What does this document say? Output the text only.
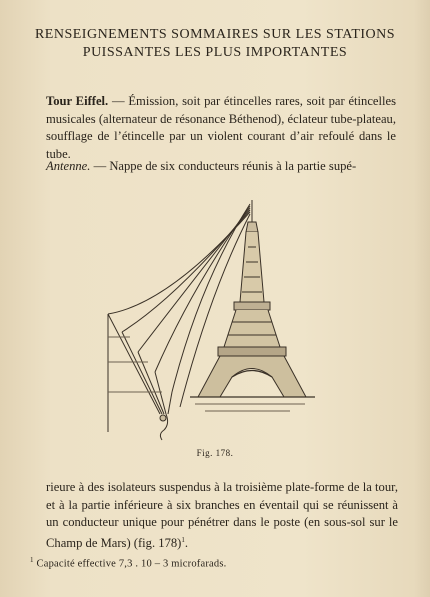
RENSEIGNEMENTS SOMMAIRES SUR LES STATIONS
PUISSANTES LES PLUS IMPORTANTES

Tour Eiffel. — Émission, soit par étincelles rares, soit par étincelles musicales (alternateur de résonance Béthenod), éclateur tube-plateau, soufflage de l’étincelle par un violent courant d’air refoulé dans le tube.

Antenne. — Nappe de six conducteurs réunis à la partie supé-

Fig. 178.

rieure à des isolateurs suspendus à la troisième plate-forme de la tour, et à la partie inférieure à six branches en éventail qui se réunissent à un conducteur unique pour pénétrer dans le poste (en sous-sol sur le Champ de Mars) (fig. 178)$^1$.

$^1$ Capacité effective 7,3 . 10 – 3 microfarads.
